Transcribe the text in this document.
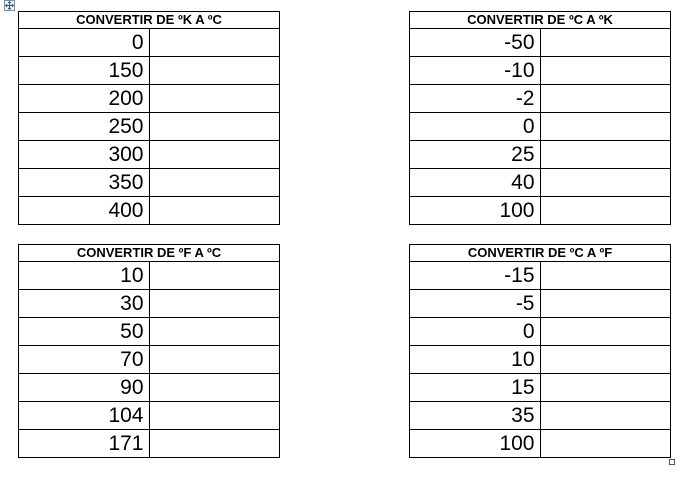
CONVERTIR DE ºK A ºC	
0	
150	
200	
250	
300	
350	
400	
CONVERTIR DE ºC A ºK	
-50	
-10	
-2	
0	
25	
40	
100	
CONVERTIR DE ºF A ºC	
10	
30	
50	
70	
90	
104	
171	
CONVERTIR DE ºC A ºF	
-15	
-5	
0	
10	
15	
35	
100	
